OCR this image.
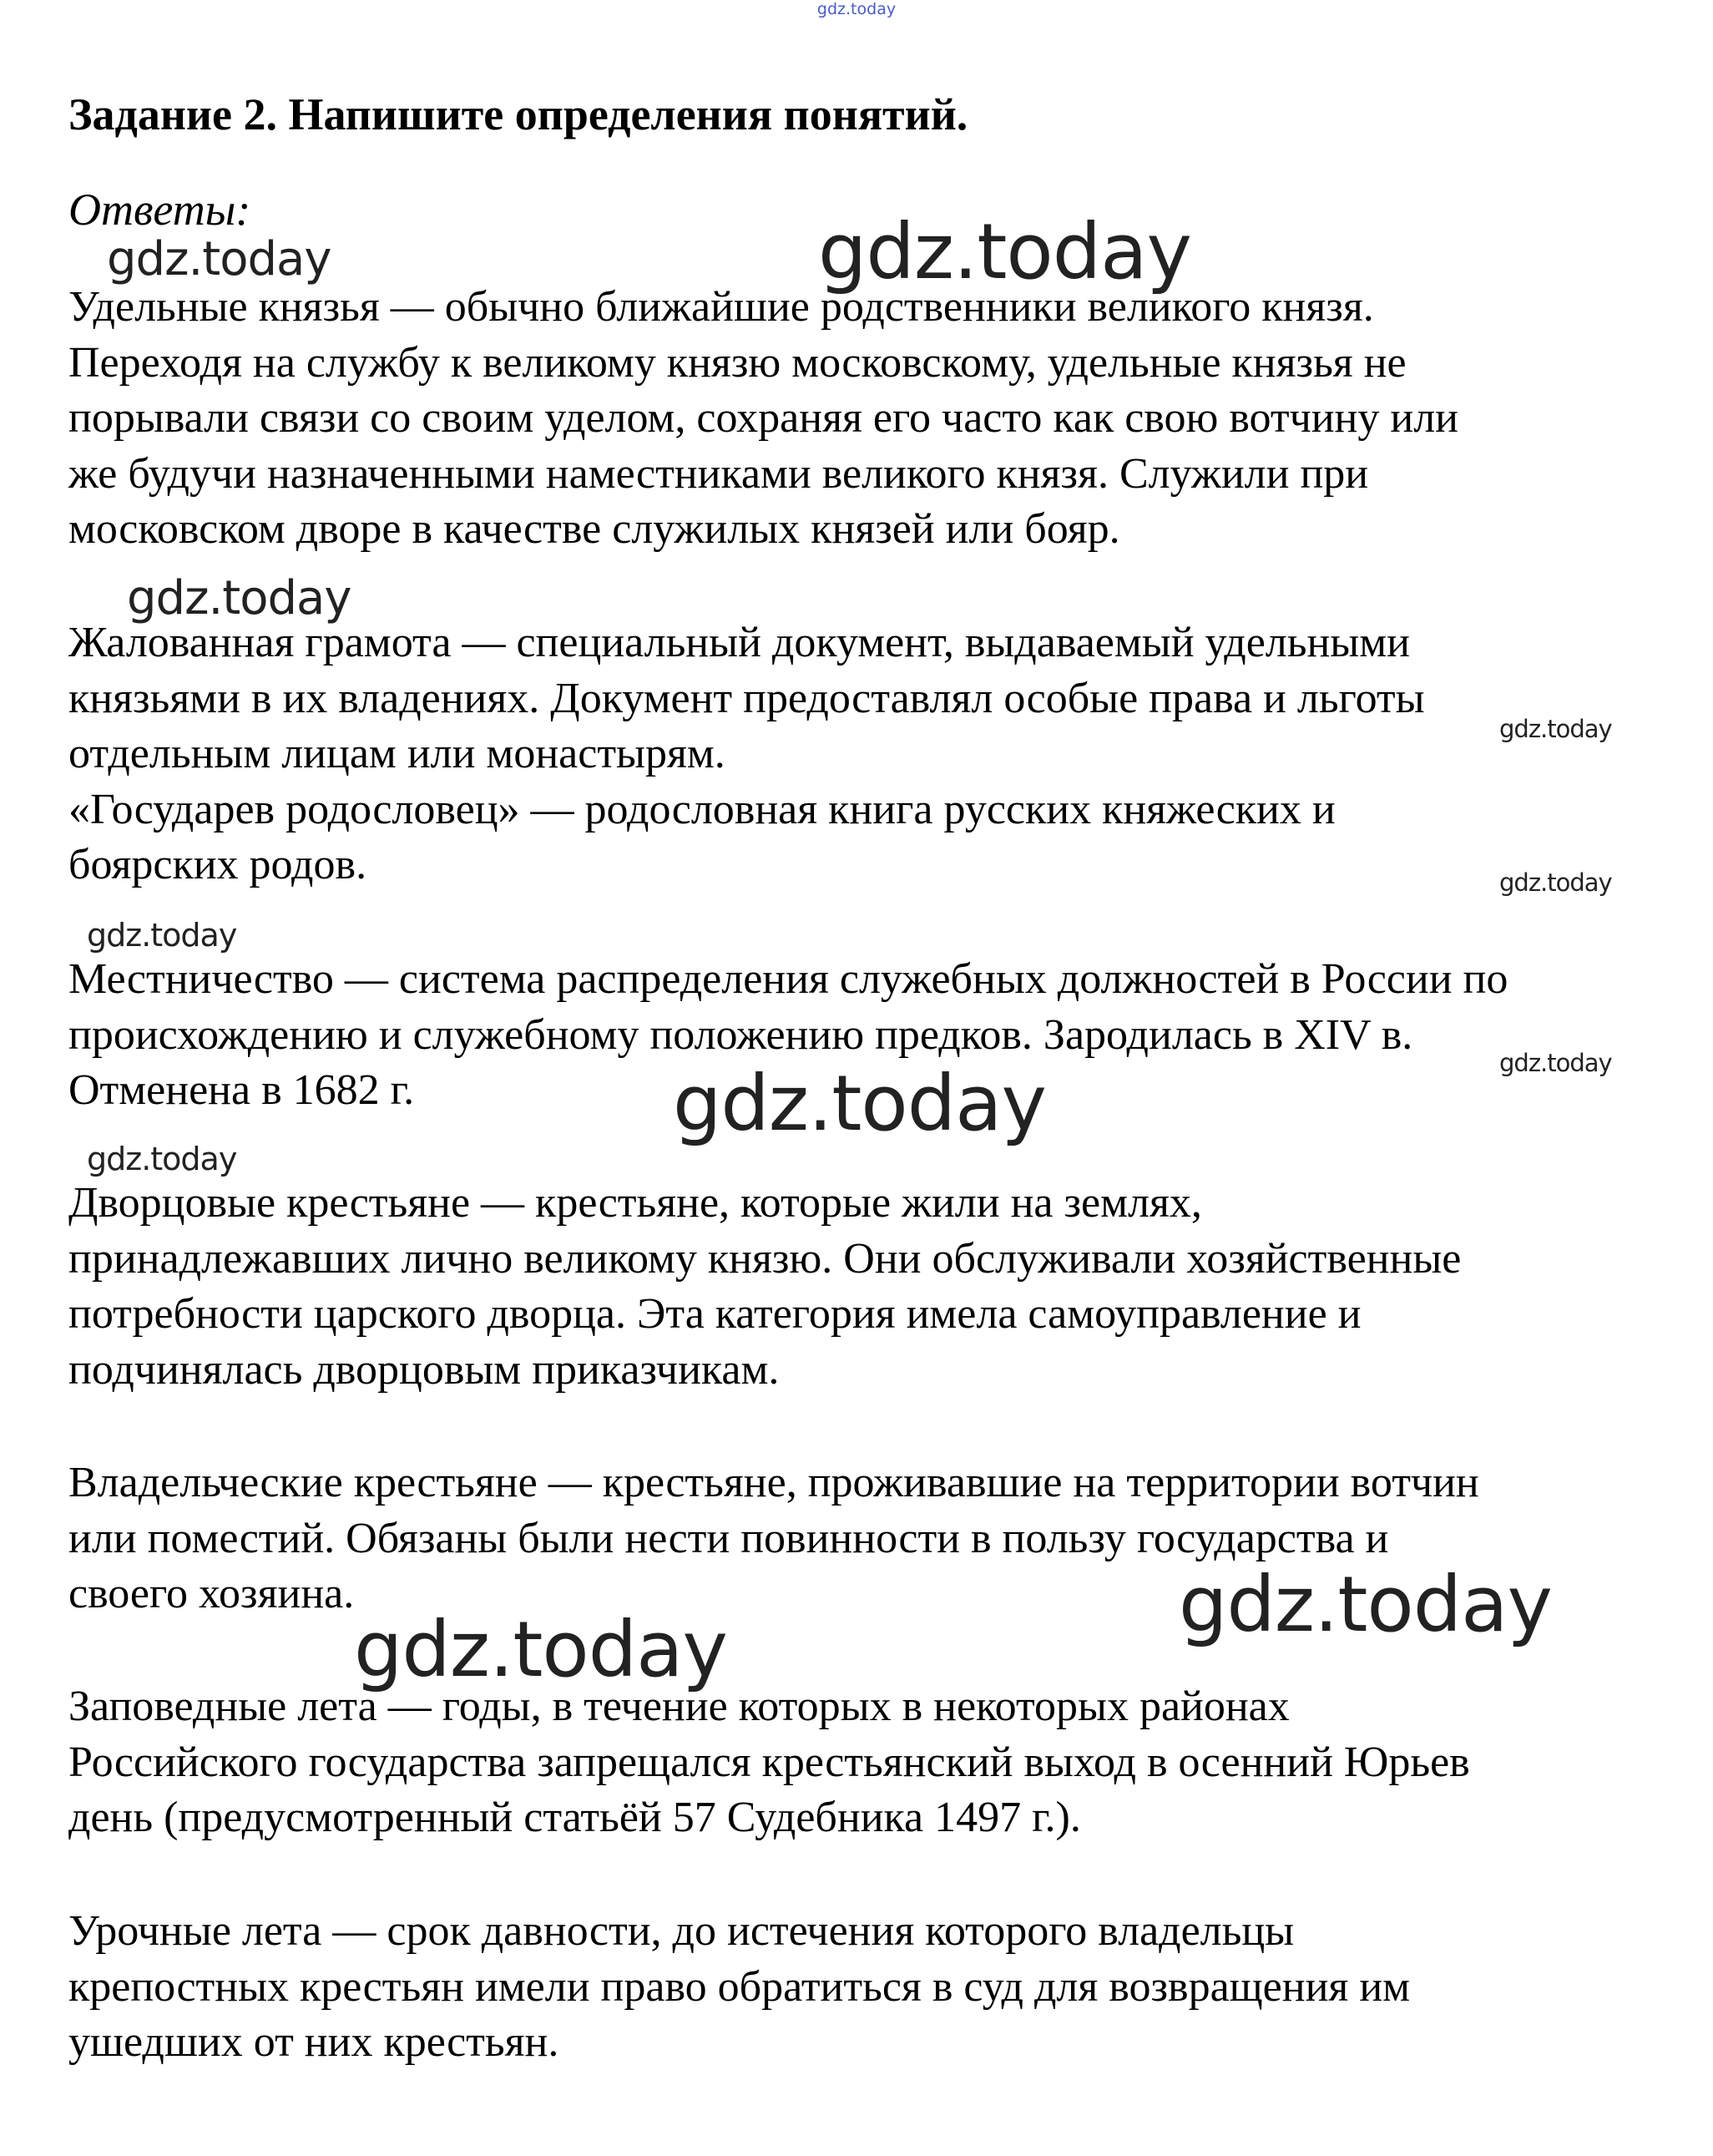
gdz.today
Задание 2. Напишите определения понятий.
Ответы:

Удельные князья — обычно ближайшие родственники великого князя.
Переходя на службу к великому князю московскому, удельные князья не
порывали связи со своим уделом, сохраняя его часто как свою вотчину или
же будучи назначенными наместниками великого князя. Служили при
московском дворе в качестве служилых князей или бояр.

Жалованная грамота — специальный документ, выдаваемый удельными
князьями в их владениях. Документ предоставлял особые права и льготы
отдельным лицам или монастырям.
«Государев родословец» — родословная книга русских княжеских и
боярских родов.

Местничество — система распределения служебных должностей в России по
происхождению и служебному положению предков. Зародилась в XIV в.
Отменена в 1682 г.

Дворцовые крестьяне — крестьяне, которые жили на землях,
принадлежавших лично великому князю. Они обслуживали хозяйственные
потребности царского дворца. Эта категория имела самоуправление и
подчинялась дворцовым приказчикам.

Владельческие крестьяне — крестьяне, проживавшие на территории вотчин
или поместий. Обязаны были нести повинности в пользу государства и
своего хозяина.

Заповедные лета — годы, в течение которых в некоторых районах
Российского государства запрещался крестьянский выход в осенний Юрьев
день (предусмотренный статьёй 57 Судебника 1497 г.).

Урочные лета — срок давности, до истечения которого владельцы
крепостных крестьян имели право обратиться в суд для возвращения им
ушедших от них крестьян.

gdz.today	gdz.today
gdz.today
gdz.today
gdz.today
gdz.today
gdz.today
gdz.today
gdz.today
gdz.today
gdz.today
